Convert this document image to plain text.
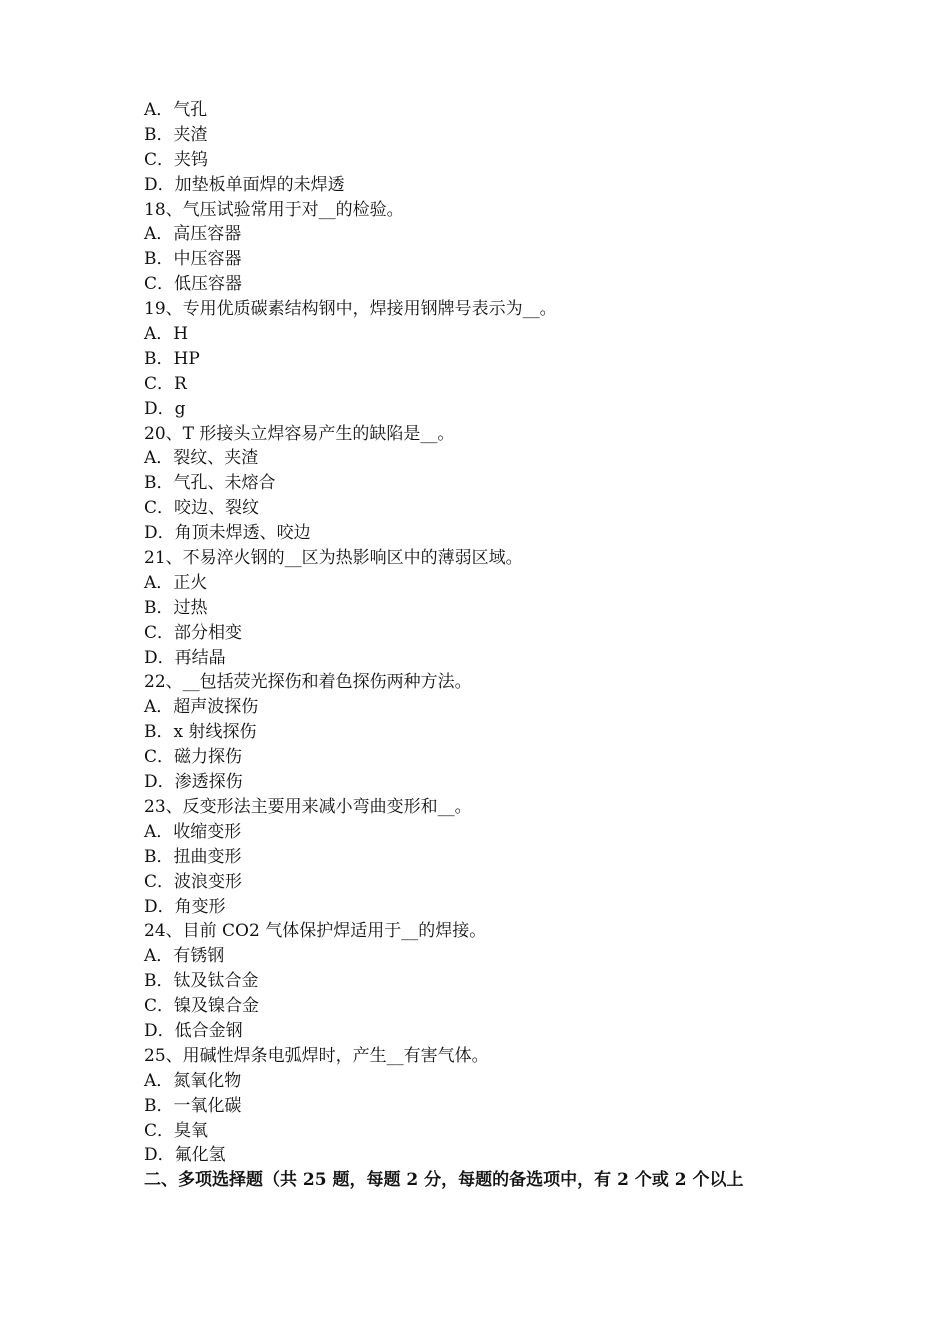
A．气孔
B．夹渣
C．夹钨
D．加垫板单面焊的未焊透
18、气压试验常用于对__的检验。
A．高压容器
B．中压容器
C．低压容器
19、专用优质碳素结构钢中，焊接用钢牌号表示为__。
A．H
B．HP
C．R
D．g
20、T 形接头立焊容易产生的缺陷是__。
A．裂纹、夹渣
B．气孔、未熔合
C．咬边、裂纹
D．角顶未焊透、咬边
21、不易淬火钢的__区为热影响区中的薄弱区域。
A．正火
B．过热
C．部分相变
D．再结晶
22、__包括荧光探伤和着色探伤两种方法。
A．超声波探伤
B．x 射线探伤
C．磁力探伤
D．渗透探伤
23、反变形法主要用来减小弯曲变形和__。
A．收缩变形
B．扭曲变形
C．波浪变形
D．角变形
24、目前 CO2 气体保护焊适用于__的焊接。
A．有锈钢
B．钛及钛合金
C．镍及镍合金
D．低合金钢
25、用碱性焊条电弧焊时，产生__有害气体。
A．氮氧化物
B．一氧化碳
C．臭氧
D．氟化氢
二、多项选择题（共 25 题，每题 2 分，每题的备选项中，有 2 个或 2 个以上
